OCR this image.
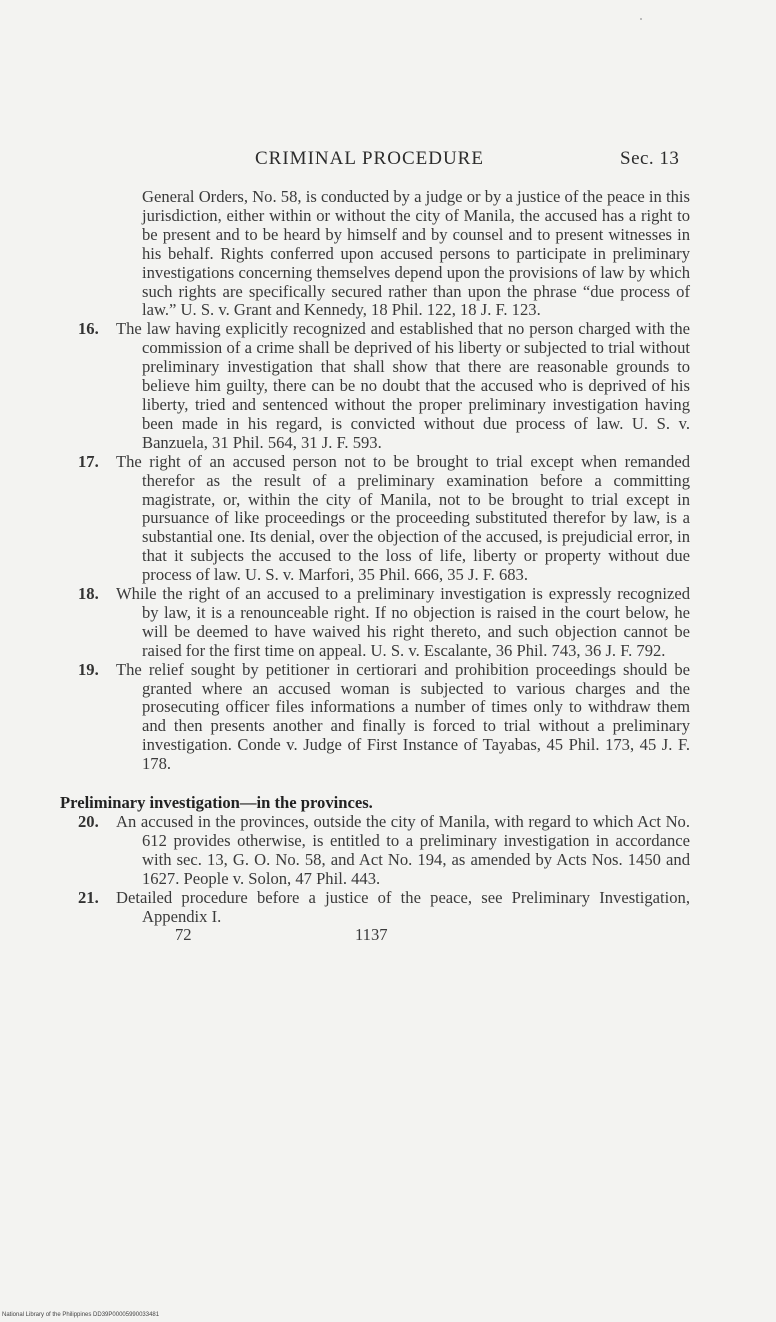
CRIMINAL PROCEDURE	Sec. 13
General Orders, No. 58, is conducted by a judge or by a justice of the peace in this jurisdiction, either within or without the city of Manila, the accused has a right to be present and to be heard by himself and by counsel and to present witnesses in his behalf. Rights conferred upon accused persons to participate in preliminary investigations concerning themselves depend upon the provisions of law by which such rights are specifically secured rather than upon the phrase “due process of law.” U. S. v. Grant and Kennedy, 18 Phil. 122, 18 J. F. 123.
16. The law having explicitly recognized and established that no person charged with the commission of a crime shall be deprived of his liberty or subjected to trial without preliminary investigation that shall show that there are reasonable grounds to believe him guilty, there can be no doubt that the accused who is deprived of his liberty, tried and sentenced without the proper preliminary investigation having been made in his regard, is convicted without due process of law. U. S. v. Banzuela, 31 Phil. 564, 31 J. F. 593.
17. The right of an accused person not to be brought to trial except when remanded therefor as the result of a preliminary examination before a committing magistrate, or, within the city of Manila, not to be brought to trial except in pursuance of like proceedings or the proceeding substituted therefor by law, is a substantial one. Its denial, over the objection of the accused, is prejudicial error, in that it subjects the accused to the loss of life, liberty or property without due process of law. U. S. v. Marfori, 35 Phil. 666, 35 J. F. 683.
18. While the right of an accused to a preliminary investigation is expressly recognized by law, it is a renounceable right. If no objection is raised in the court below, he will be deemed to have waived his right thereto, and such objection cannot be raised for the first time on appeal. U. S. v. Escalante, 36 Phil. 743, 36 J. F. 792.
19. The relief sought by petitioner in certiorari and prohibition proceedings should be granted where an accused woman is subjected to various charges and the prosecuting officer files informations a number of times only to withdraw them and then presents another and finally is forced to trial without a preliminary investigation. Conde v. Judge of First Instance of Tayabas, 45 Phil. 173, 45 J. F. 178.
Preliminary investigation—in the provinces.
20. An accused in the provinces, outside the city of Manila, with regard to which Act No. 612 provides otherwise, is entitled to a preliminary investigation in accordance with sec. 13, G. O. No. 58, and Act No. 194, as amended by Acts Nos. 1450 and 1627. People v. Solon, 47 Phil. 443.
21. Detailed procedure before a justice of the peace, see Preliminary Investigation, Appendix I.
72	1137
National Library of the Philippines DD39P00005990033481
